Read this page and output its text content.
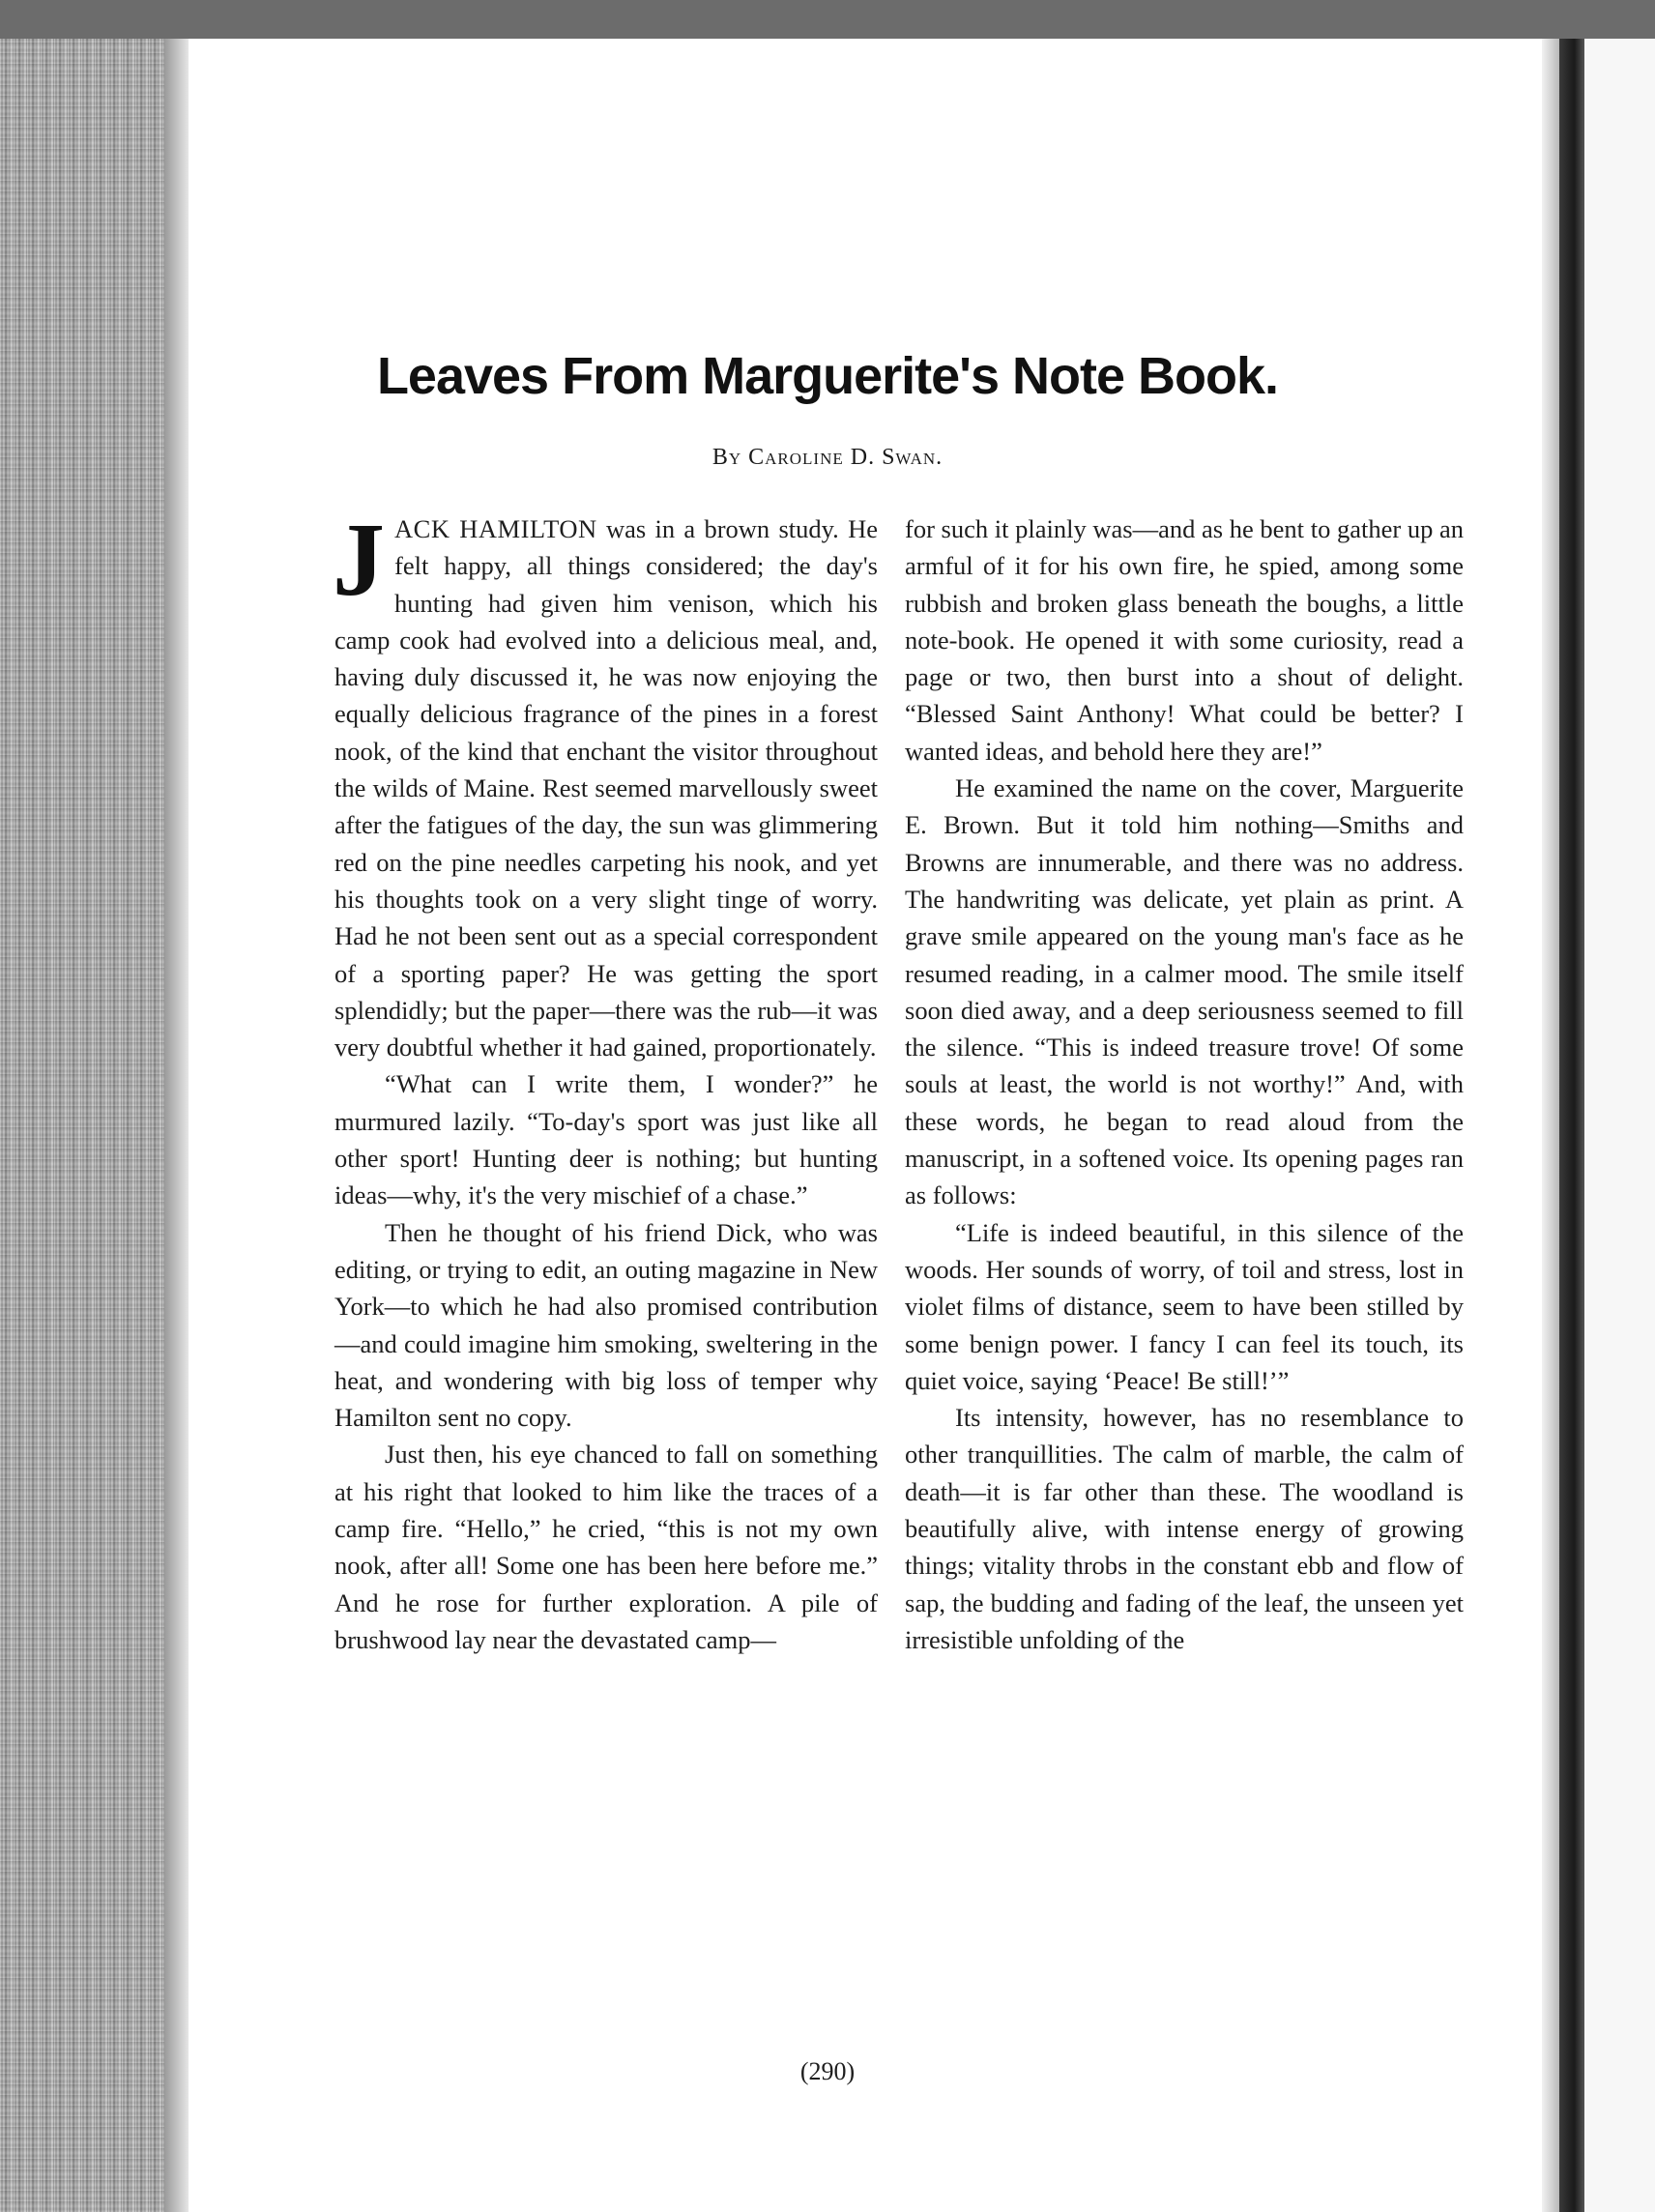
Leaves From Marguerite's Note Book.
By Caroline D. Swan.

JACK HAMILTON was in a brown study. He felt happy, all things considered; the day's hunting had given him venison, which his camp cook had evolved into a delicious meal, and, having duly discussed it, he was now enjoying the equally delicious fragrance of the pines in a forest nook, of the kind that enchant the visitor throughout the wilds of Maine. Rest seemed marvellously sweet after the fatigues of the day, the sun was glimmering red on the pine needles carpeting his nook, and yet his thoughts took on a very slight tinge of worry. Had he not been sent out as a special correspondent of a sporting paper? He was getting the sport splendidly; but the paper—there was the rub—it was very doubtful whether it had gained, proportionately.

“What can I write them, I wonder?” he murmured lazily. “To-day's sport was just like all other sport! Hunting deer is nothing; but hunting ideas—why, it's the very mischief of a chase.”

Then he thought of his friend Dick, who was editing, or trying to edit, an outing magazine in New York—to which he had also promised contribution—and could imagine him smoking, sweltering in the heat, and wondering with big loss of temper why Hamilton sent no copy.

Just then, his eye chanced to fall on something at his right that looked to him like the traces of a camp fire. “Hello,” he cried, “this is not my own nook, after all! Some one has been here before me.” And he rose for further exploration. A pile of brushwood lay near the devastated camp—

for such it plainly was—and as he bent to gather up an armful of it for his own fire, he spied, among some rubbish and broken glass beneath the boughs, a little note-book. He opened it with some curiosity, read a page or two, then burst into a shout of delight. “Blessed Saint Anthony! What could be better? I wanted ideas, and behold here they are!”

He examined the name on the cover, Marguerite E. Brown. But it told him nothing—Smiths and Browns are innumerable, and there was no address. The handwriting was delicate, yet plain as print. A grave smile appeared on the young man's face as he resumed reading, in a calmer mood. The smile itself soon died away, and a deep seriousness seemed to fill the silence. “This is indeed treasure trove! Of some souls at least, the world is not worthy!” And, with these words, he began to read aloud from the manuscript, in a softened voice. Its opening pages ran as follows:

“Life is indeed beautiful, in this silence of the woods. Her sounds of worry, of toil and stress, lost in violet films of distance, seem to have been stilled by some benign power. I fancy I can feel its touch, its quiet voice, saying ‘Peace! Be still!’”

Its intensity, however, has no resemblance to other tranquillities. The calm of marble, the calm of death—it is far other than these. The woodland is beautifully alive, with intense energy of growing things; vitality throbs in the constant ebb and flow of sap, the budding and fading of the leaf, the unseen yet irresistible unfolding of the

(290)
